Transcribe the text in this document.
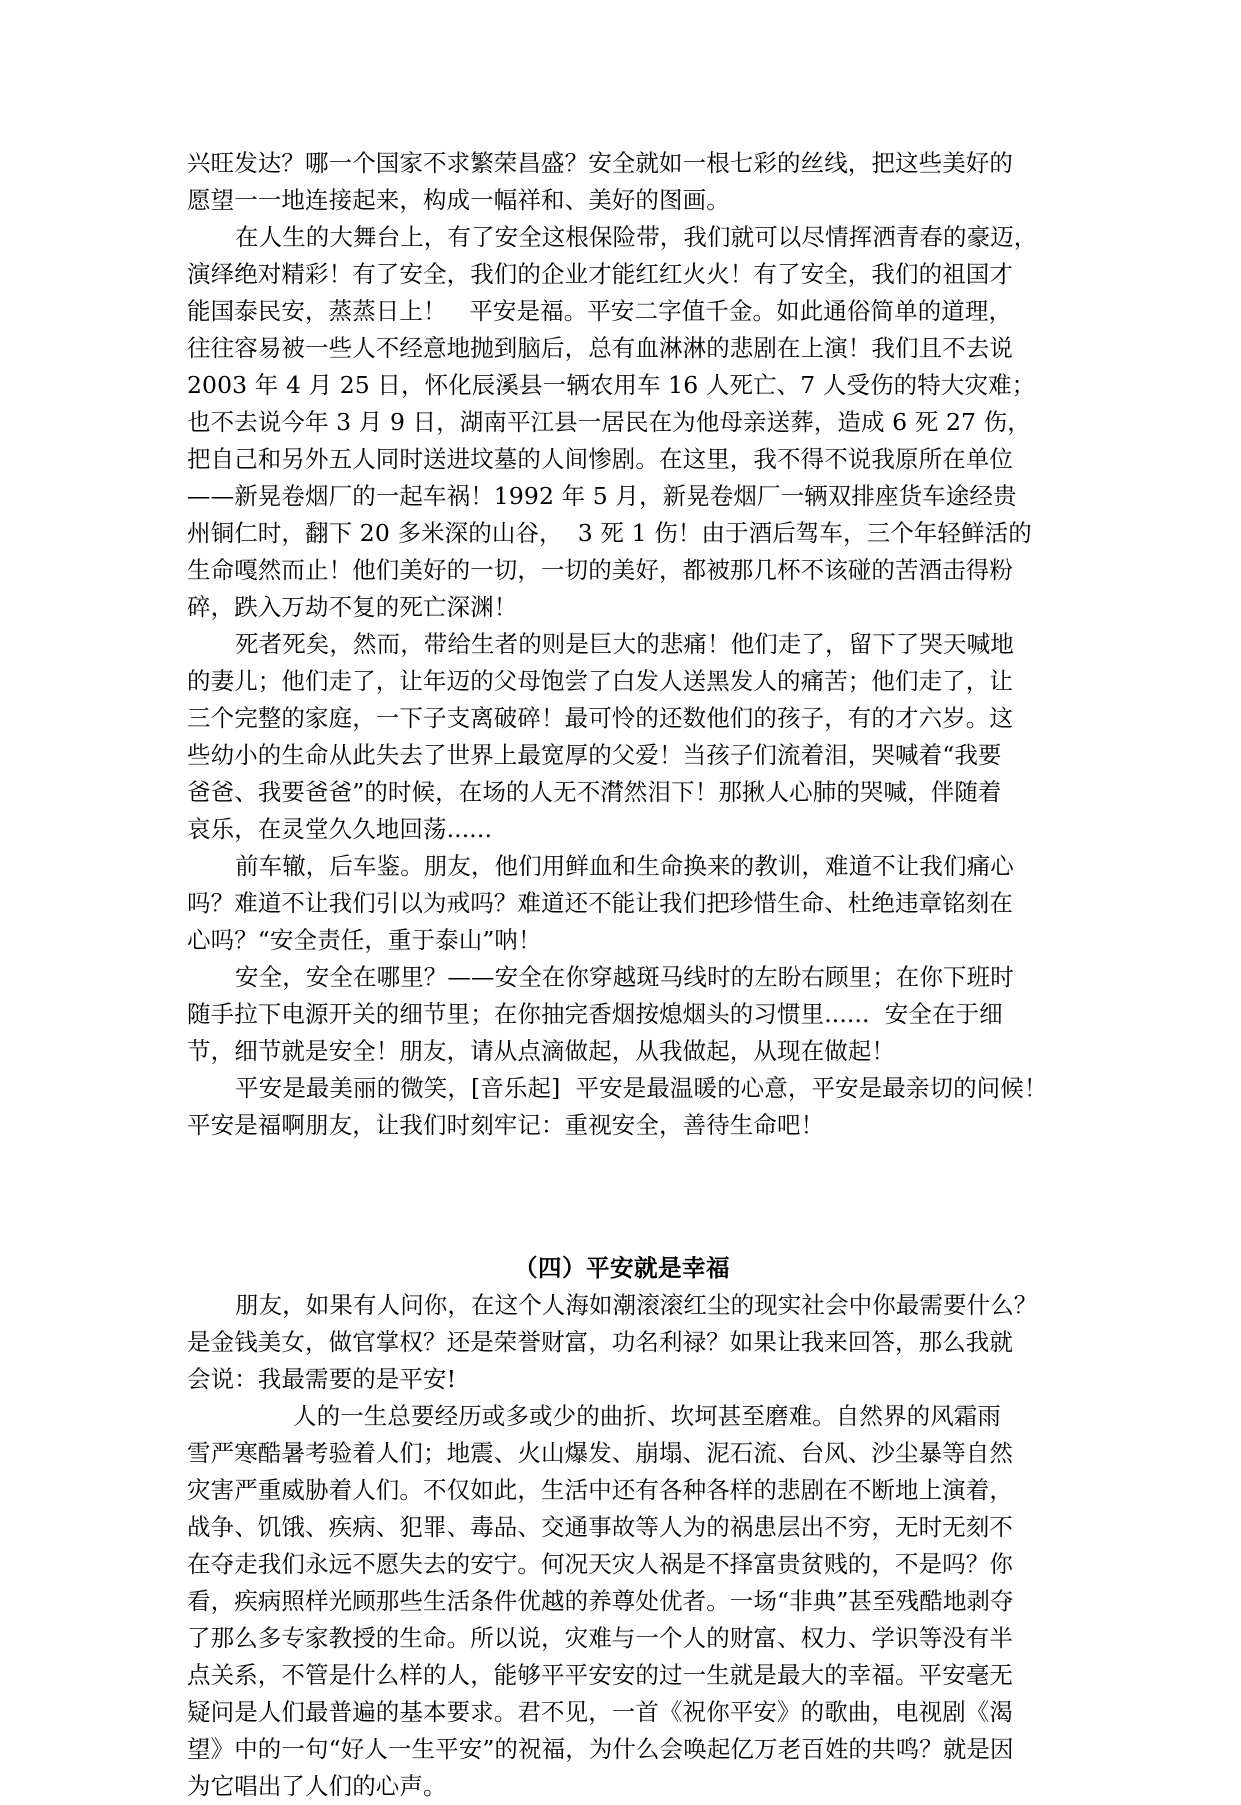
兴旺发达？哪一个国家不求繁荣昌盛？安全就如一根七彩的丝线，把这些美好的
愿望一一地连接起来，构成一幅祥和、美好的图画。
在人生的大舞台上，有了安全这根保险带，我们就可以尽情挥洒青春的豪迈，
演绎绝对精彩！有了安全，我们的企业才能红红火火！有了安全，我们的祖国才
能国泰民安，蒸蒸日上！   平安是福。平安二字值千金。如此通俗简单的道理，
往往容易被一些人不经意地抛到脑后，总有血淋淋的悲剧在上演！我们且不去说
2003 年 4 月 25 日，怀化辰溪县一辆农用车 16 人死亡、7 人受伤的特大灾难；
也不去说今年 3 月 9 日，湖南平江县一居民在为他母亲送葬，造成 6 死 27 伤，
把自己和另外五人同时送进坟墓的人间惨剧。在这里，我不得不说我原所在单位
——新晃卷烟厂的一起车祸！1992 年 5 月，新晃卷烟厂一辆双排座货车途经贵
州铜仁时，翻下 20 多米深的山谷，  3 死 1 伤！由于酒后驾车，三个年轻鲜活的
生命嘎然而止！他们美好的一切，一切的美好，都被那几杯不该碰的苦酒击得粉
碎，跌入万劫不复的死亡深渊！
死者死矣，然而，带给生者的则是巨大的悲痛！他们走了，留下了哭天喊地
的妻儿；他们走了，让年迈的父母饱尝了白发人送黑发人的痛苦；他们走了，让
三个完整的家庭，一下子支离破碎！最可怜的还数他们的孩子，有的才六岁。这
些幼小的生命从此失去了世界上最宽厚的父爱！当孩子们流着泪，哭喊着“我要
爸爸、我要爸爸”的时候，在场的人无不潸然泪下！那揪人心肺的哭喊，伴随着
哀乐，在灵堂久久地回荡......
前车辙，后车鉴。朋友，他们用鲜血和生命换来的教训，难道不让我们痛心
吗？难道不让我们引以为戒吗？难道还不能让我们把珍惜生命、杜绝违章铭刻在
心吗？“安全责任，重于泰山”呐！
安全，安全在哪里？——安全在你穿越斑马线时的左盼右顾里；在你下班时
随手拉下电源开关的细节里；在你抽完香烟按熄烟头的习惯里......  安全在于细
节，细节就是安全！朋友，请从点滴做起，从我做起，从现在做起！
平安是最美丽的微笑，[音乐起]  平安是最温暖的心意，平安是最亲切的问候！
平安是福啊朋友，让我们时刻牢记：重视安全，善待生命吧！
（四）平安就是幸福
朋友，如果有人问你，在这个人海如潮滚滚红尘的现实社会中你最需要什么？
是金钱美女，做官掌权？还是荣誉财富，功名利禄？如果让我来回答，那么我就
会说：我最需要的是平安!
人的一生总要经历或多或少的曲折、坎坷甚至磨难。自然界的风霜雨
雪严寒酷暑考验着人们；地震、火山爆发、崩塌、泥石流、台风、沙尘暴等自然
灾害严重威胁着人们。不仅如此，生活中还有各种各样的悲剧在不断地上演着，
战争、饥饿、疾病、犯罪、毒品、交通事故等人为的祸患层出不穷，无时无刻不
在夺走我们永远不愿失去的安宁。何况天灾人祸是不择富贵贫贱的，不是吗？你
看，疾病照样光顾那些生活条件优越的养尊处优者。一场“非典”甚至残酷地剥夺
了那么多专家教授的生命。所以说，灾难与一个人的财富、权力、学识等没有半
点关系，不管是什么样的人，能够平平安安的过一生就是最大的幸福。平安毫无
疑问是人们最普遍的基本要求。君不见，一首《祝你平安》的歌曲，电视剧《渴
望》中的一句“好人一生平安”的祝福，为什么会唤起亿万老百姓的共鸣？就是因
为它唱出了人们的心声。
